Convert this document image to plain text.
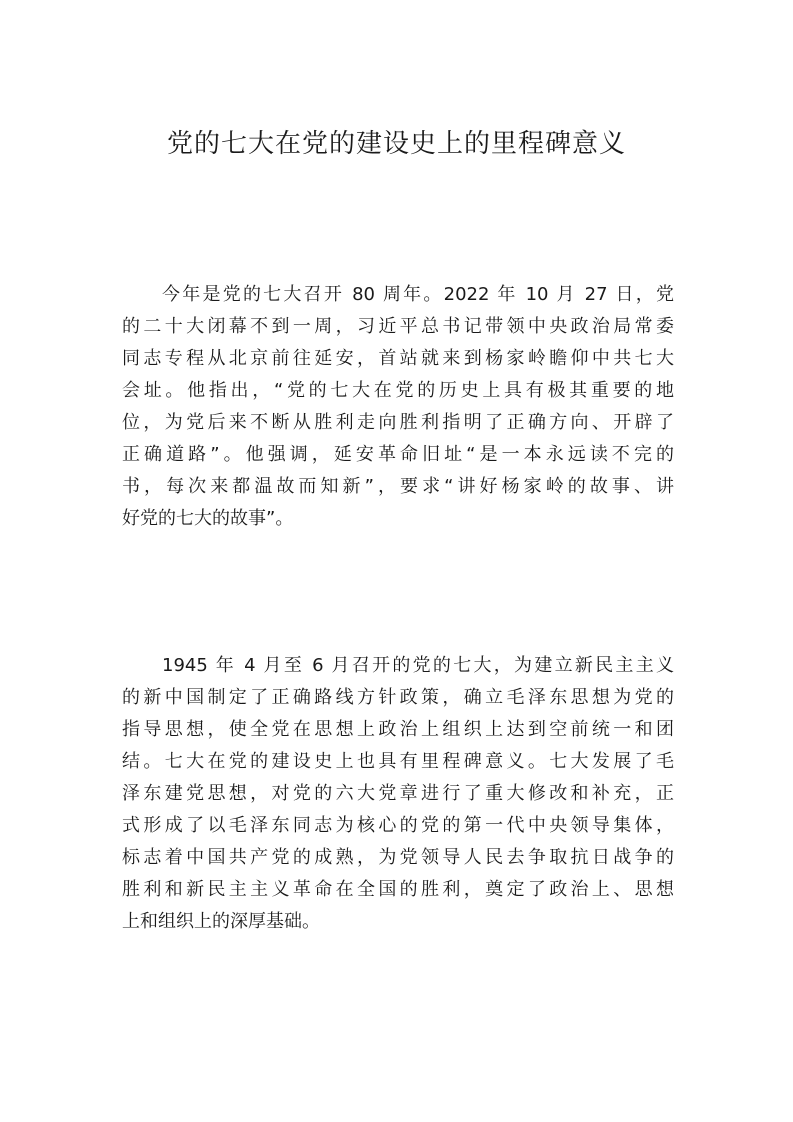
党的七大在党的建设史上的里程碑意义
今年是党的七大召开 80 周年。2022 年 10 月 27 日，党
的二十大闭幕不到一周，习近平总书记带领中央政治局常委
同志专程从北京前往延安，首站就来到杨家岭瞻仰中共七大
会址。他指出，“党的七大在党的历史上具有极其重要的地
位，为党后来不断从胜利走向胜利指明了正确方向、开辟了
正确道路”。他强调，延安革命旧址“是一本永远读不完的
书，每次来都温故而知新”，要求“讲好杨家岭的故事、讲
好党的七大的故事”。
1945 年 4 月至 6 月召开的党的七大，为建立新民主主义
的新中国制定了正确路线方针政策，确立毛泽东思想为党的
指导思想，使全党在思想上政治上组织上达到空前统一和团
结。七大在党的建设史上也具有里程碑意义。七大发展了毛
泽东建党思想，对党的六大党章进行了重大修改和补充，正
式形成了以毛泽东同志为核心的党的第一代中央领导集体，
标志着中国共产党的成熟，为党领导人民去争取抗日战争的
胜利和新民主主义革命在全国的胜利，奠定了政治上、思想
上和组织上的深厚基础。
